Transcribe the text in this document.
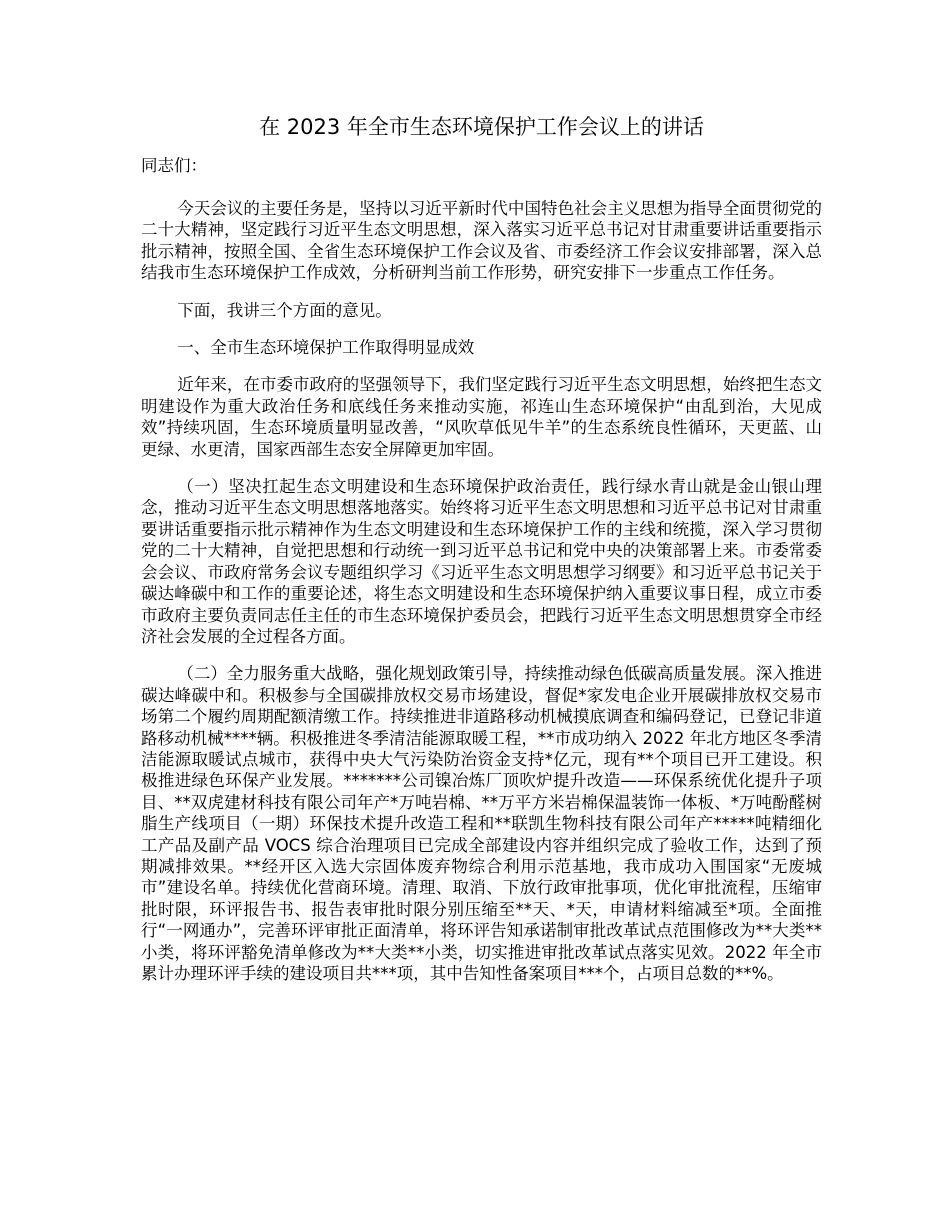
在 2023 年全市生态环境保护工作会议上的讲话
同志们：

今天会议的主要任务是，坚持以习近平新时代中国特色社会主义思想为指导全面贯彻党的二十大精神，坚定践行习近平生态文明思想，深入落实习近平总书记对甘肃重要讲话重要指示批示精神，按照全国、全省生态环境保护工作会议及省、市委经济工作会议安排部署，深入总结我市生态环境保护工作成效，分析研判当前工作形势，研究安排下一步重点工作任务。

下面，我讲三个方面的意见。

一、全市生态环境保护工作取得明显成效

近年来，在市委市政府的坚强领导下，我们坚定践行习近平生态文明思想，始终把生态文明建设作为重大政治任务和底线任务来推动实施，祁连山生态环境保护“由乱到治，大见成效”持续巩固，生态环境质量明显改善，“风吹草低见牛羊”的生态系统良性循环，天更蓝、山更绿、水更清，国家西部生态安全屏障更加牢固。

（一）坚决扛起生态文明建设和生态环境保护政治责任，践行绿水青山就是金山银山理念，推动习近平生态文明思想落地落实。始终将习近平生态文明思想和习近平总书记对甘肃重要讲话重要指示批示精神作为生态文明建设和生态环境保护工作的主线和统揽，深入学习贯彻党的二十大精神，自觉把思想和行动统一到习近平总书记和党中央的决策部署上来。市委常委会会议、市政府常务会议专题组织学习《习近平生态文明思想学习纲要》和习近平总书记关于碳达峰碳中和工作的重要论述，将生态文明建设和生态环境保护纳入重要议事日程，成立市委市政府主要负责同志任主任的市生态环境保护委员会，把践行习近平生态文明思想贯穿全市经济社会发展的全过程各方面。

（二）全力服务重大战略，强化规划政策引导，持续推动绿色低碳高质量发展。深入推进碳达峰碳中和。积极参与全国碳排放权交易市场建设，督促*家发电企业开展碳排放权交易市场第二个履约周期配额清缴工作。持续推进非道路移动机械摸底调查和编码登记，已登记非道路移动机械****辆。积极推进冬季清洁能源取暖工程，**市成功纳入 2022 年北方地区冬季清洁能源取暖试点城市，获得中央大气污染防治资金支持*亿元，现有**个项目已开工建设。积极推进绿色环保产业发展。*******公司镍冶炼厂顶吹炉提升改造——环保系统优化提升子项目、**双虎建材科技有限公司年产*万吨岩棉、**万平方米岩棉保温装饰一体板、*万吨酚醛树脂生产线项目（一期）环保技术提升改造工程和**联凯生物科技有限公司年产*****吨精细化工产品及副产品 VOCS 综合治理项目已完成全部建设内容并组织完成了验收工作，达到了预期减排效果。**经开区入选大宗固体废弃物综合利用示范基地，我市成功入围国家“无废城市”建设名单。持续优化营商环境。清理、取消、下放行政审批事项，优化审批流程，压缩审批时限，环评报告书、报告表审批时限分别压缩至**天、*天，申请材料缩减至*项。全面推行“一网通办”，完善环评审批正面清单，将环评告知承诺制审批改革试点范围修改为**大类**小类，将环评豁免清单修改为**大类**小类，切实推进审批改革试点落实见效。2022 年全市累计办理环评手续的建设项目共***项，其中告知性备案项目***个，占项目总数的**%。
